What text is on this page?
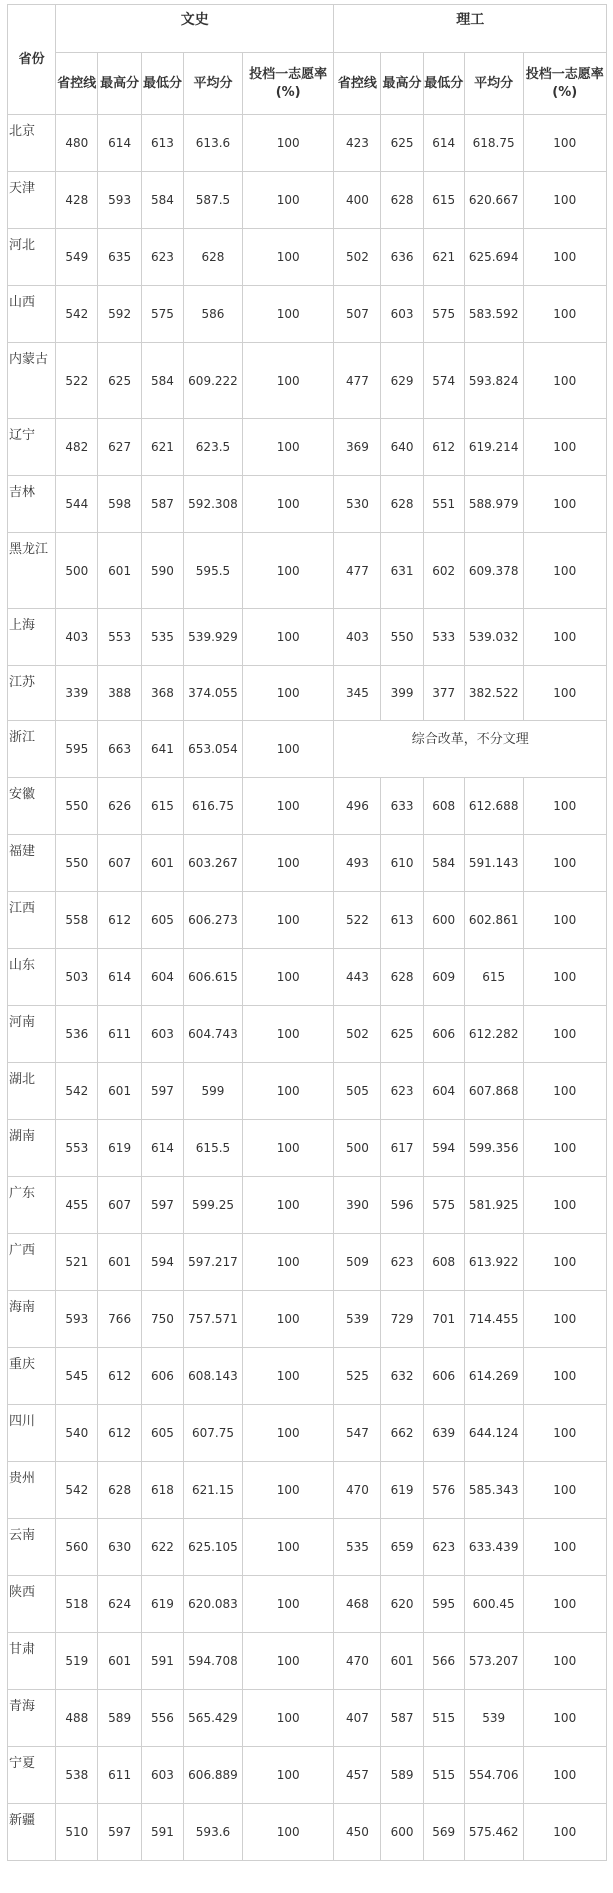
省份	文史					理工				
	省控线	最高分	最低分	平均分	投档一志愿率(%)	省控线	最高分	最低分	平均分	投档一志愿率(%)
北京	480	614	613	613.6	100	423	625	614	618.75	100
天津	428	593	584	587.5	100	400	628	615	620.667	100
河北	549	635	623	628	100	502	636	621	625.694	100
山西	542	592	575	586	100	507	603	575	583.592	100
内蒙古	522	625	584	609.222	100	477	629	574	593.824	100
辽宁	482	627	621	623.5	100	369	640	612	619.214	100
吉林	544	598	587	592.308	100	530	628	551	588.979	100
黑龙江	500	601	590	595.5	100	477	631	602	609.378	100
上海	403	553	535	539.929	100	403	550	533	539.032	100
江苏	339	388	368	374.055	100	345	399	377	382.522	100
浙江	595	663	641	653.054	100	综合改革，不分文理				
安徽	550	626	615	616.75	100	496	633	608	612.688	100
福建	550	607	601	603.267	100	493	610	584	591.143	100
江西	558	612	605	606.273	100	522	613	600	602.861	100
山东	503	614	604	606.615	100	443	628	609	615	100
河南	536	611	603	604.743	100	502	625	606	612.282	100
湖北	542	601	597	599	100	505	623	604	607.868	100
湖南	553	619	614	615.5	100	500	617	594	599.356	100
广东	455	607	597	599.25	100	390	596	575	581.925	100
广西	521	601	594	597.217	100	509	623	608	613.922	100
海南	593	766	750	757.571	100	539	729	701	714.455	100
重庆	545	612	606	608.143	100	525	632	606	614.269	100
四川	540	612	605	607.75	100	547	662	639	644.124	100
贵州	542	628	618	621.15	100	470	619	576	585.343	100
云南	560	630	622	625.105	100	535	659	623	633.439	100
陕西	518	624	619	620.083	100	468	620	595	600.45	100
甘肃	519	601	591	594.708	100	470	601	566	573.207	100
青海	488	589	556	565.429	100	407	587	515	539	100
宁夏	538	611	603	606.889	100	457	589	515	554.706	100
新疆	510	597	591	593.6	100	450	600	569	575.462	100
